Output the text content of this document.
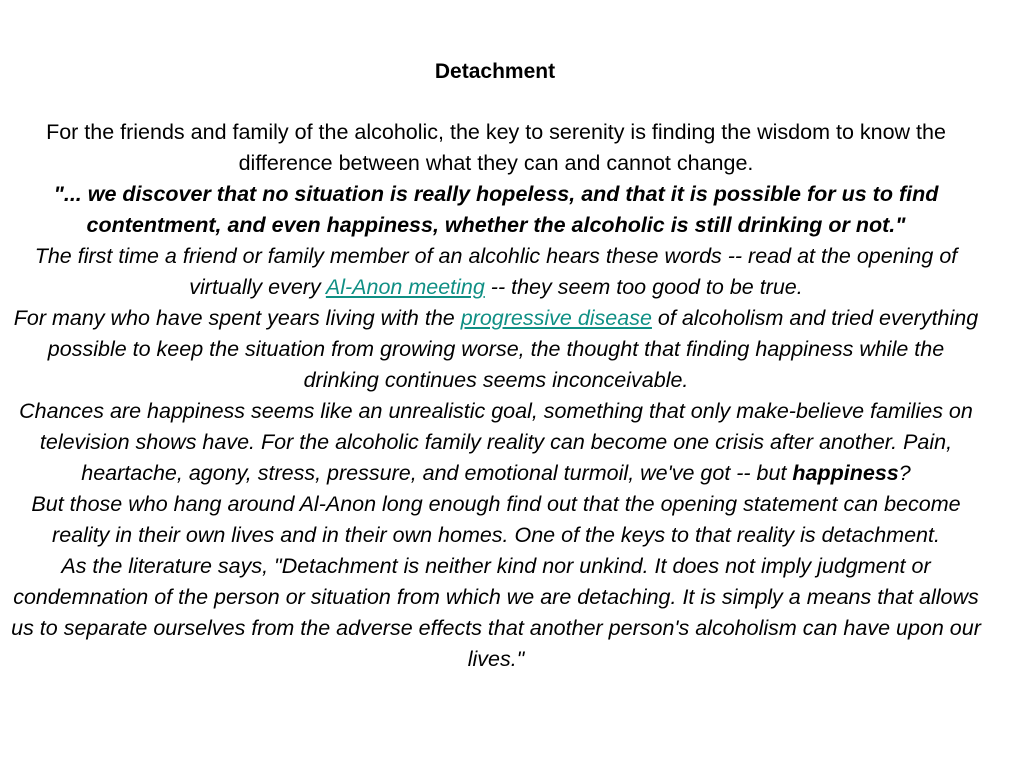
Detachment

For the friends and family of the alcoholic, the key to serenity is finding the wisdom to know the difference between what they can and cannot change.

"... we discover that no situation is really hopeless, and that it is possible for us to find contentment, and even happiness, whether the alcoholic is still drinking or not."

The first time a friend or family member of an alcohlic hears these words -- read at the opening of virtually every Al-Anon meeting -- they seem too good to be true.

For many who have spent years living with the progressive disease of alcoholism and tried everything possible to keep the situation from growing worse, the thought that finding happiness while the drinking continues seems inconceivable.

Chances are happiness seems like an unrealistic goal, something that only make-believe families on television shows have. For the alcoholic family reality can become one crisis after another. Pain, heartache, agony, stress, pressure, and emotional turmoil, we've got -- but happiness?

But those who hang around Al-Anon long enough find out that the opening statement can become reality in their own lives and in their own homes. One of the keys to that reality is detachment.

As the literature says, "Detachment is neither kind nor unkind. It does not imply judgment or condemnation of the person or situation from which we are detaching. It is simply a means that allows us to separate ourselves from the adverse effects that another person's alcoholism can have upon our lives."
